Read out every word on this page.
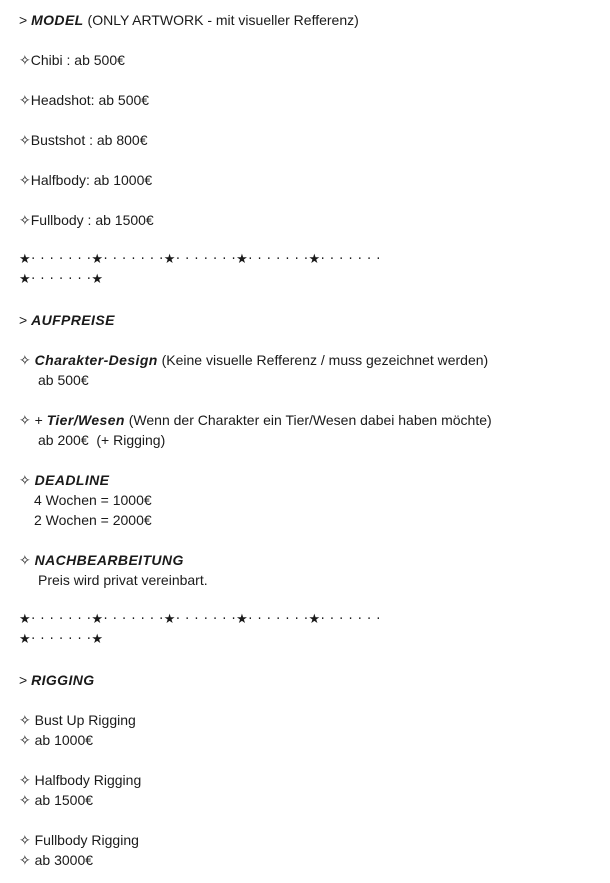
> MODEL (ONLY ARTWORK - mit visueller Refferenz)
✧Chibi : ab 500€
✧Headshot: ab 500€
✧Bustshot : ab 800€
✧Halfbody: ab 1000€
✧Fullbody : ab 1500€
★· · · · · · ·★· · · · · · ·★· · · · · · ·★· · · · · · ·★· · · · · · ·
★· · · · · · ·★
> AUFPREISE
✧ Charakter-Design (Keine visuelle Refferenz / muss gezeichnet werden)
ab 500€
✧ + Tier/Wesen (Wenn der Charakter ein Tier/Wesen dabei haben möchte)
ab 200€  (+ Rigging)
✧ DEADLINE
4 Wochen = 1000€
2 Wochen = 2000€
✧ NACHBEARBEITUNG
Preis wird privat vereinbart.
★· · · · · · ·★· · · · · · ·★· · · · · · ·★· · · · · · ·★· · · · · · ·
★· · · · · · ·★
> RIGGING
✧ Bust Up Rigging
✧ ab 1000€
✧ Halfbody Rigging
✧ ab 1500€
✧ Fullbody Rigging
✧ ab 3000€
